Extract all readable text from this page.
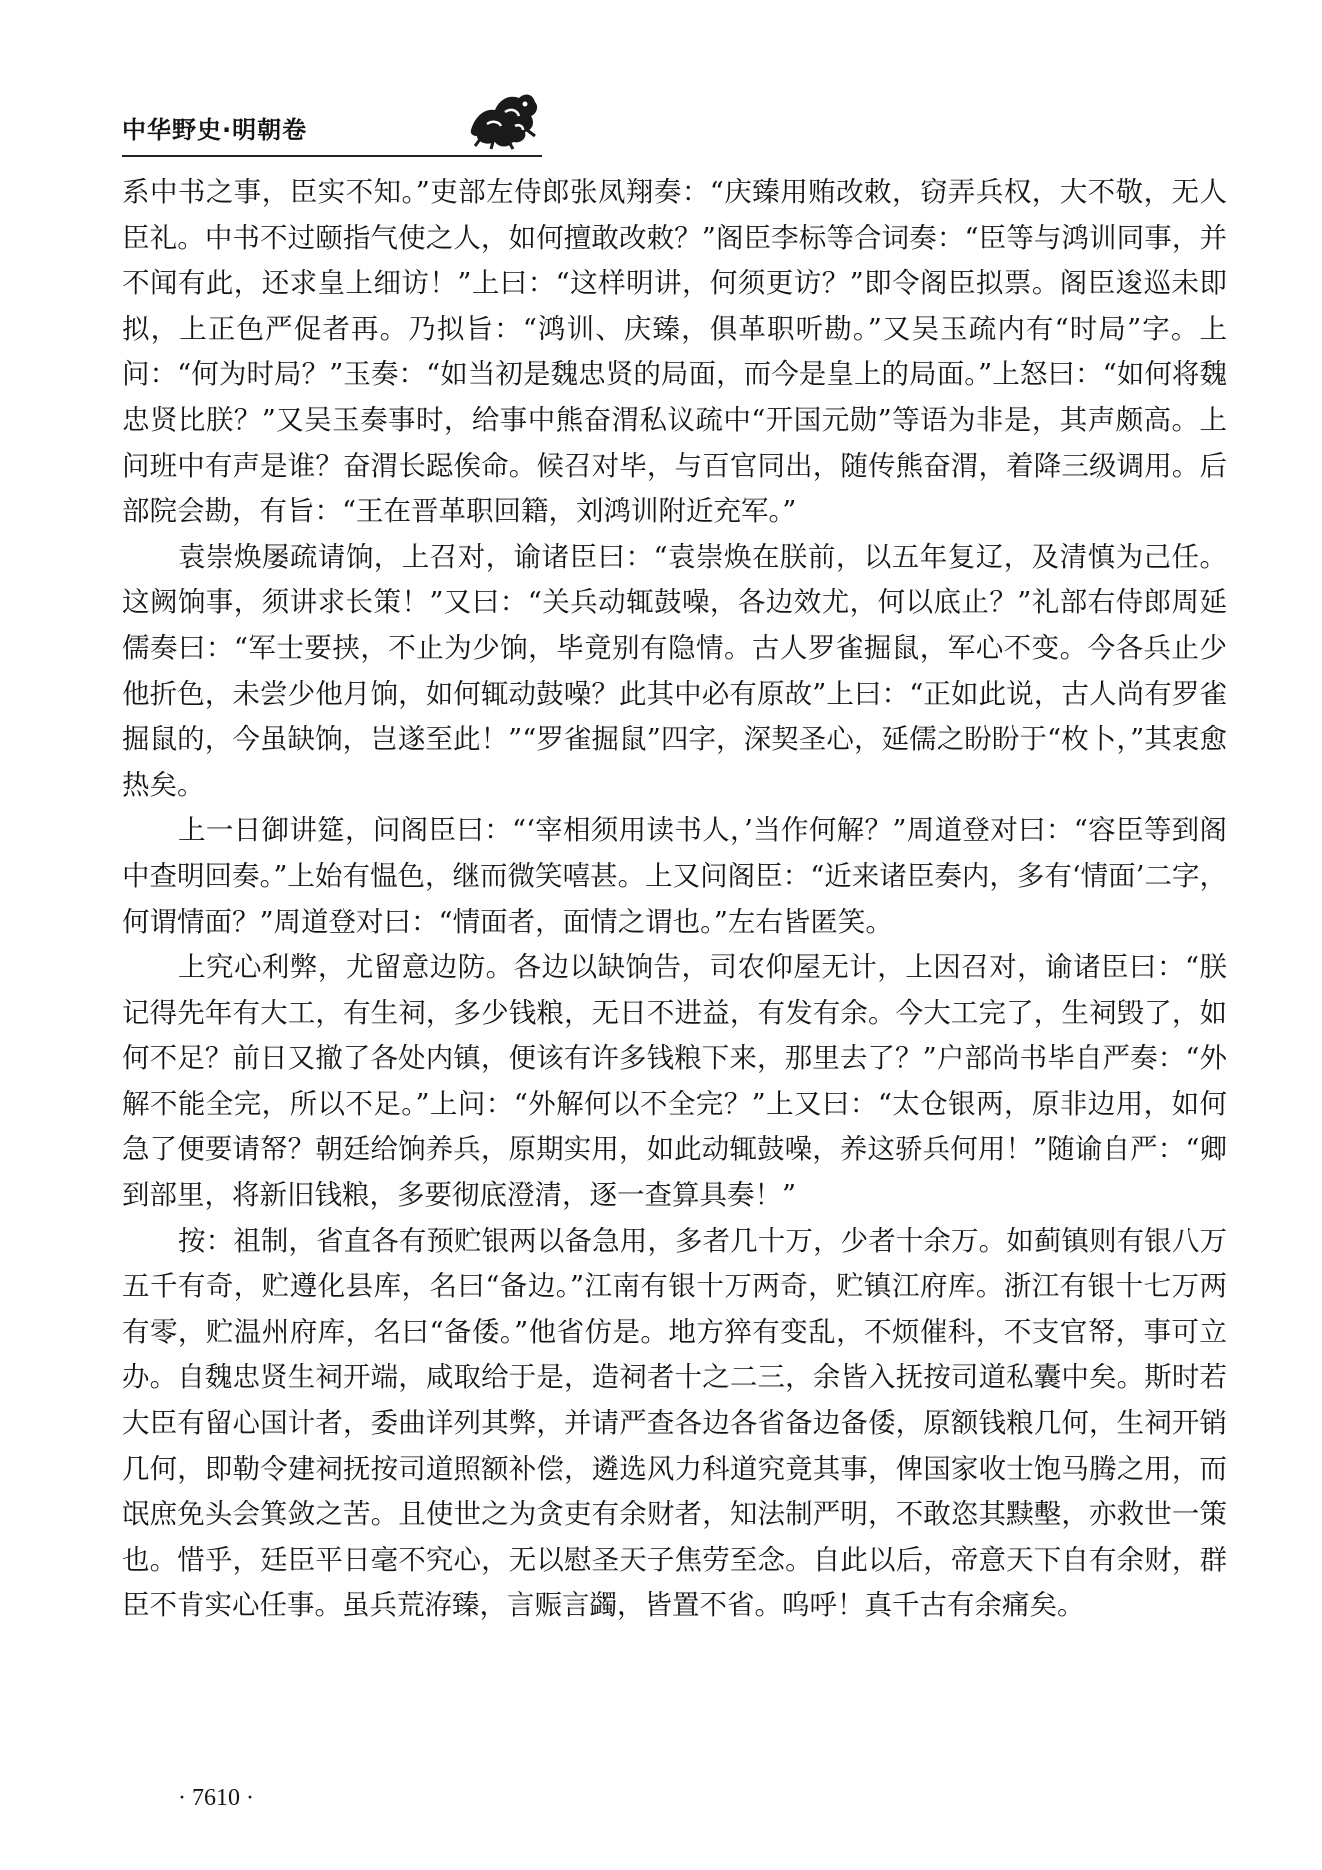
中华野史·明朝卷

系中书之事，臣实不知。”吏部左侍郎张凤翔奏：“庆臻用贿改敕，窃弄兵权，大不敬，无人臣礼。中书不过颐指气使之人，如何擅敢改敕？”阁臣李标等合词奏：“臣等与鸿训同事，并不闻有此，还求皇上细访！”上曰：“这样明讲，何须更访？”即令阁臣拟票。阁臣逡巡未即拟，上正色严促者再。乃拟旨：“鸿训、庆臻，俱革职听勘。”又吴玉疏内有“时局”字。上问：“何为时局？”玉奏：“如当初是魏忠贤的局面，而今是皇上的局面。”上怒曰：“如何将魏忠贤比朕？”又吴玉奏事时，给事中熊奋渭私议疏中“开国元勋”等语为非是，其声颇高。上问班中有声是谁？奋渭长跽俟命。候召对毕，与百官同出，随传熊奋渭，着降三级调用。后部院会勘，有旨：“王在晋革职回籍，刘鸿训附近充军。”

袁崇焕屡疏请饷，上召对，谕诸臣曰：“袁崇焕在朕前，以五年复辽，及清慎为己任。这阙饷事，须讲求长策！”又曰：“关兵动辄鼓噪，各边效尤，何以底止？”礼部右侍郎周延儒奏曰：“军士要挟，不止为少饷，毕竟别有隐情。古人罗雀掘鼠，军心不变。今各兵止少他折色，未尝少他月饷，如何辄动鼓噪？此其中必有原故”上曰：“正如此说，古人尚有罗雀掘鼠的，今虽缺饷，岂遂至此！”“罗雀掘鼠”四字，深契圣心，延儒之盼盼于“枚卜，”其衷愈热矣。

上一日御讲筵，问阁臣曰：“‘宰相须用读书人，’当作何解？”周道登对曰：“容臣等到阁中查明回奏。”上始有愠色，继而微笑嘻甚。上又问阁臣：“近来诸臣奏内，多有‘情面’二字，何谓情面？”周道登对曰：“情面者，面情之谓也。”左右皆匿笑。

上究心利弊，尤留意边防。各边以缺饷告，司农仰屋无计，上因召对，谕诸臣曰：“朕记得先年有大工，有生祠，多少钱粮，无日不进益，有发有余。今大工完了，生祠毁了，如何不足？前日又撤了各处内镇，便该有许多钱粮下来，那里去了？”户部尚书毕自严奏：“外解不能全完，所以不足。”上问：“外解何以不全完？”上又曰：“太仓银两，原非边用，如何急了便要请帑？朝廷给饷养兵，原期实用，如此动辄鼓噪，养这骄兵何用！”随谕自严：“卿到部里，将新旧钱粮，多要彻底澄清，逐一查算具奏！”

按：祖制，省直各有预贮银两以备急用，多者几十万，少者十余万。如蓟镇则有银八万五千有奇，贮遵化县库，名曰“备边。”江南有银十万两奇，贮镇江府库。浙江有银十七万两有零，贮温州府库，名曰“备倭。”他省仿是。地方猝有变乱，不烦催科，不支官帑，事可立办。自魏忠贤生祠开端，咸取给于是，造祠者十之二三，余皆入抚按司道私囊中矣。斯时若大臣有留心国计者，委曲详列其弊，并请严查各边各省备边备倭，原额钱粮几何，生祠开销几何，即勒令建祠抚按司道照额补偿，遴选风力科道究竟其事，俾国家收士饱马腾之用，而氓庶免头会箕敛之苦。且使世之为贪吏有余财者，知法制严明，不敢恣其黩墼，亦救世一策也。惜乎，廷臣平日毫不究心，无以慰圣天子焦劳至念。自此以后，帝意天下自有余财，群臣不肯实心任事。虽兵荒洊臻，言赈言蠲，皆置不省。呜呼！真千古有余痛矣。

· 7610 ·
